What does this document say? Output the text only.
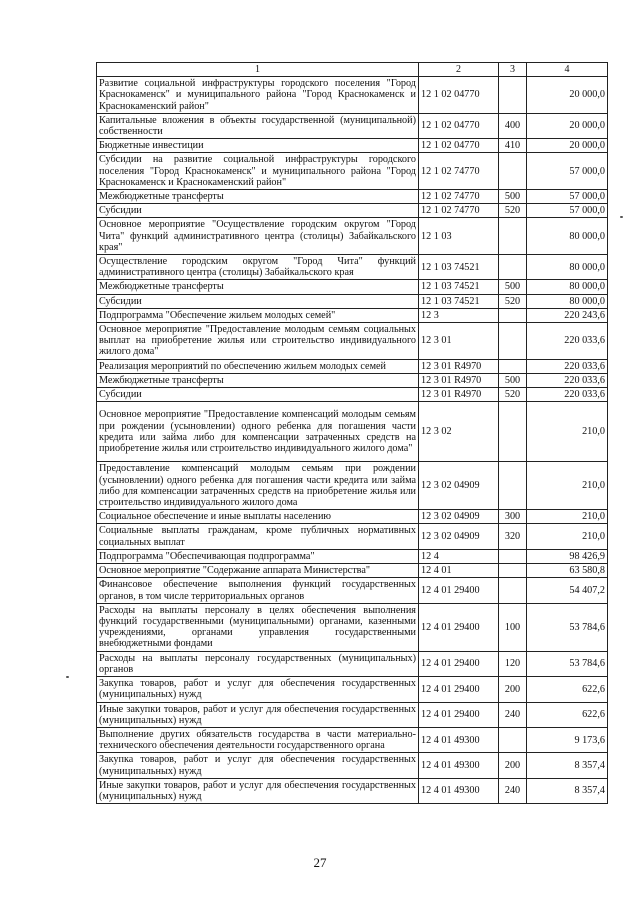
1	2	3	4
Развитие социальной инфраструктуры городского поселения "Город Краснокаменск" и муниципального района "Город Краснокаменск и Краснокаменский район"	12 1 02 04770		20 000,0
Капитальные вложения в объекты государственной (муниципальной) собственности	12 1 02 04770	400	20 000,0
Бюджетные инвестиции	12 1 02 04770	410	20 000,0
Субсидии на развитие социальной инфраструктуры городского поселения "Город Краснокаменск" и муниципального района "Город Краснокаменск и Краснокаменский район"	12 1 02 74770		57 000,0
Межбюджетные трансферты	12 1 02 74770	500	57 000,0
Субсидии	12 1 02 74770	520	57 000,0
Основное мероприятие "Осуществление городским округом "Город Чита" функций административного центра (столицы) Забайкальского края"	12 1 03		80 000,0
Осуществление городским округом "Город Чита" функций административного центра (столицы) Забайкальского края	12 1 03 74521		80 000,0
Межбюджетные трансферты	12 1 03 74521	500	80 000,0
Субсидии	12 1 03 74521	520	80 000,0
Подпрограмма "Обеспечение жильем молодых семей"	12 3		220 243,6
Основное мероприятие "Предоставление молодым семьям социальных выплат на приобретение жилья или строительство индивидуального жилого дома"	12 3 01		220 033,6
Реализация мероприятий по обеспечению жильем молодых семей	12 3 01 R4970		220 033,6
Межбюджетные трансферты	12 3 01 R4970	500	220 033,6
Субсидии	12 3 01 R4970	520	220 033,6
Основное мероприятие "Предоставление компенсаций молодым семьям при рождении (усыновлении) одного ребенка для погашения части кредита или займа либо для компенсации затраченных средств на приобретение жилья или строительство индивидуального жилого дома"	12 3 02		210,0
Предоставление компенсаций молодым семьям при рождении (усыновлении) одного ребенка для погашения части кредита или займа либо для компенсации затраченных средств на приобретение жилья или строительство индивидуального жилого дома	12 3 02 04909		210,0
Социальное обеспечение и иные выплаты населению	12 3 02 04909	300	210,0
Социальные выплаты гражданам, кроме публичных нормативных социальных выплат	12 3 02 04909	320	210,0
Подпрограмма "Обеспечивающая подпрограмма"	12 4		98 426,9
Основное мероприятие "Содержание аппарата Министерства"	12 4 01		63 580,8
Финансовое обеспечение выполнения функций государственных органов, в том числе территориальных органов	12 4 01 29400		54 407,2
Расходы на выплаты персоналу в целях обеспечения выполнения функций государственными (муниципальными) органами, казенными учреждениями, органами управления государственными внебюджетными фондами	12 4 01 29400	100	53 784,6
Расходы на выплаты персоналу государственных (муниципальных) органов	12 4 01 29400	120	53 784,6
Закупка товаров, работ и услуг для обеспечения государственных (муниципальных) нужд	12 4 01 29400	200	622,6
Иные закупки товаров, работ и услуг для обеспечения государственных (муниципальных) нужд	12 4 01 29400	240	622,6
Выполнение других обязательств государства в части материально-технического обеспечения деятельности государственного органа	12 4 01 49300		9 173,6
Закупка товаров, работ и услуг для обеспечения государственных (муниципальных) нужд	12 4 01 49300	200	8 357,4
Иные закупки товаров, работ и услуг для обеспечения государственных (муниципальных) нужд	12 4 01 49300	240	8 357,4
27
